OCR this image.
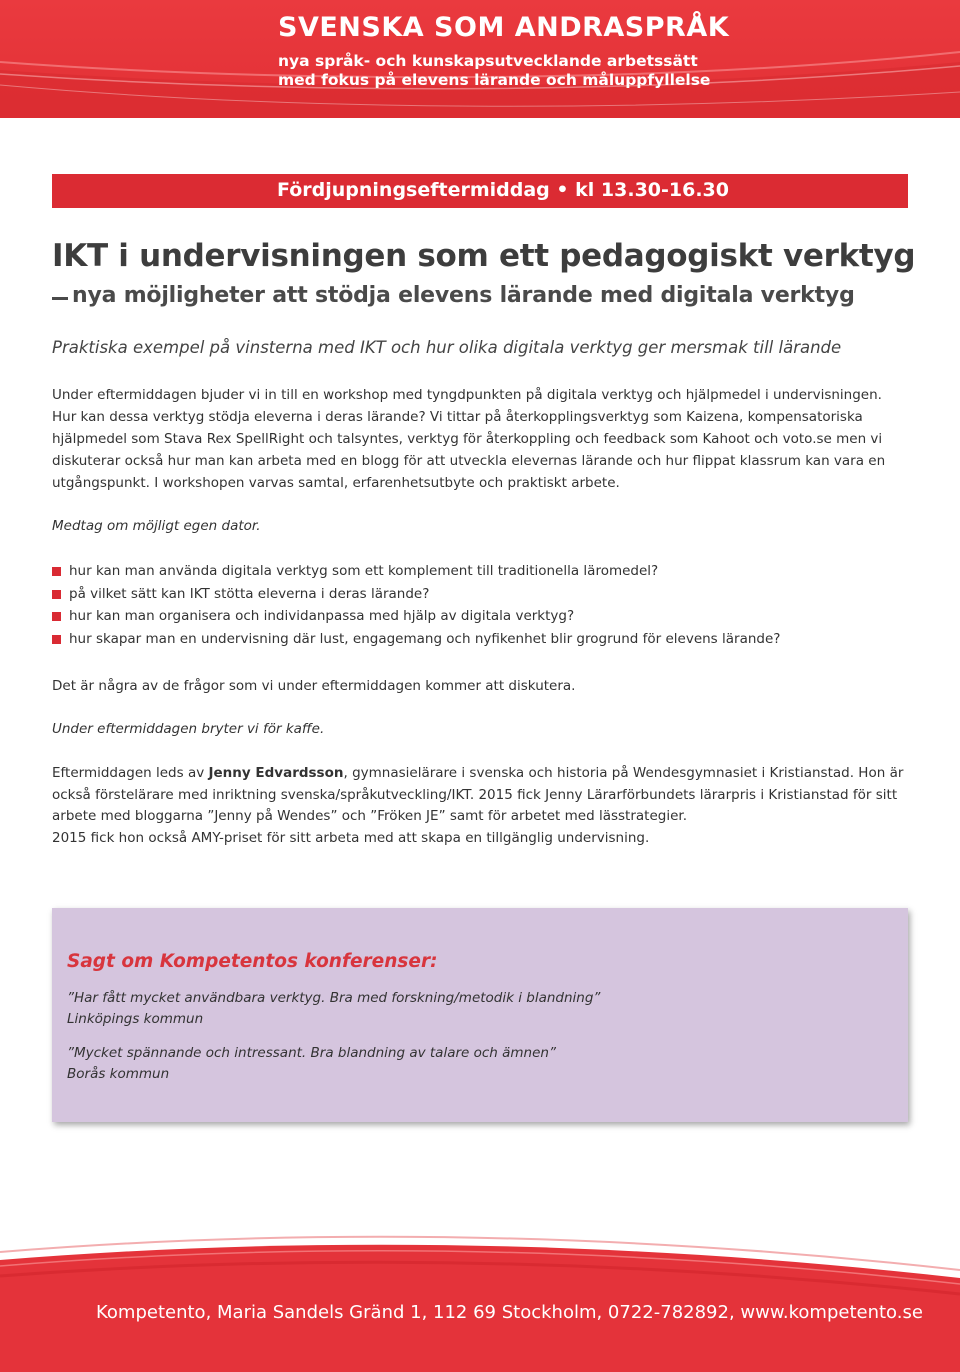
SVENSKA SOM ANDRASPRÅK

nya språk- och kunskapsutvecklande arbetssätt

med fokus på elevens lärande och måluppfyllelse

Fördjupningseftermiddag • kl 13.30-16.30
IKT i undervisningen som ett pedagogiskt verktyg
nya möjligheter att stödja elevens lärande med digitala verktyg

Praktiska exempel på vinsterna med IKT och hur olika digitala verktyg ger mersmak till lärande

Under eftermiddagen bjuder vi in till en workshop med tyngdpunkten på digitala verktyg och hjälpmedel i undervisningen.

Hur kan dessa verktyg stödja eleverna i deras lärande? Vi tittar på återkopplingsverktyg som Kaizena, kompensatoriska

hjälpmedel som Stava Rex SpellRight och talsyntes, verktyg för återkoppling och feedback som Kahoot och voto.se men vi

diskuterar också hur man kan arbeta med en blogg för att utveckla elevernas lärande och hur flippat klassrum kan vara en

utgångspunkt. I workshopen varvas samtal, erfarenhetsutbyte och praktiskt arbete.

Medtag om möjligt egen dator.

hur kan man använda digitala verktyg som ett komplement till traditionella läromedel?
på vilket sätt kan IKT stötta eleverna i deras lärande?
hur kan man organisera och individanpassa med hjälp av digitala verktyg?
hur skapar man en undervisning där lust, engagemang och nyfikenhet blir grogrund för elevens lärande?

Det är några av de frågor som vi under eftermiddagen kommer att diskutera.

Under eftermiddagen bryter vi för kaffe.

Eftermiddagen leds av Jenny Edvardsson, gymnasielärare i svenska och historia på Wendesgymnasiet i Kristianstad. Hon är

också förstelärare med inriktning svenska/språkutveckling/IKT. 2015 fick Jenny Lärarförbundets lärarpris i Kristianstad för sitt

arbete med bloggarna ”Jenny på Wendes” och ”Fröken JE” samt för arbetet med lässtrategier.

2015 fick hon också AMY-priset för sitt arbeta med att skapa en tillgänglig undervisning.

Sagt om Kompetentos konferenser:

”Har fått mycket användbara verktyg. Bra med forskning/metodik i blandning”

Linköpings kommun

”Mycket spännande och intressant. Bra blandning av talare och ämnen”

Borås kommun

Kompetento, Maria Sandels Gränd 1, 112 69 Stockholm, 0722-782892, www.kompetento.se
